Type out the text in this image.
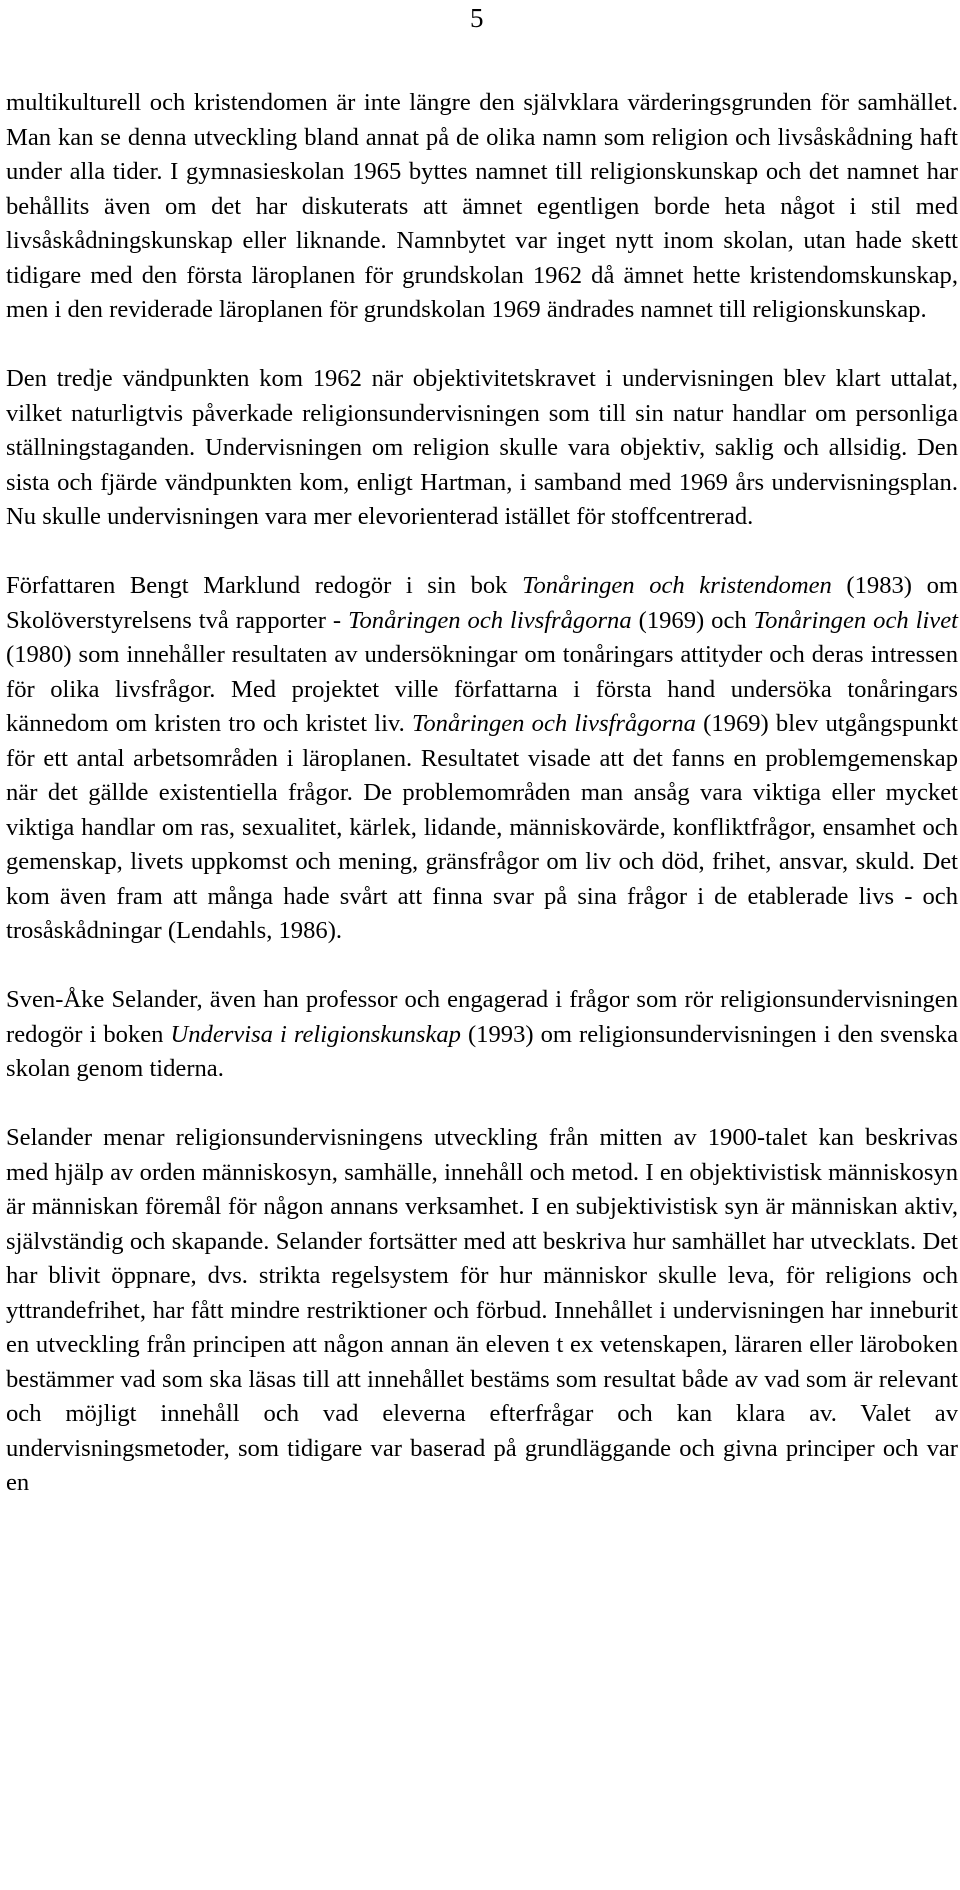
5

multikulturell och kristendomen är inte längre den självklara värderingsgrunden för samhället. Man kan se denna utveckling bland annat på de olika namn som religion och livsåskådning haft under alla tider. I gymnasieskolan 1965 byttes namnet till religionskunskap och det namnet har behållits även om det har diskuterats att ämnet egentligen borde heta något i stil med livsåskådningskunskap eller liknande. Namnbytet var inget nytt inom skolan, utan hade skett tidigare med den första läroplanen för grundskolan 1962 då ämnet hette kristendomskunskap, men i den reviderade läroplanen för grundskolan 1969 ändrades namnet till religionskunskap.

Den tredje vändpunkten kom 1962 när objektivitetskravet i undervisningen blev klart uttalat, vilket naturligtvis påverkade religionsundervisningen som till sin natur handlar om personliga ställningstaganden. Undervisningen om religion skulle vara objektiv, saklig och allsidig. Den sista och fjärde vändpunkten kom, enligt Hartman, i samband med 1969 års undervisningsplan. Nu skulle undervisningen vara mer elevorienterad istället för stoffcentrerad.

Författaren Bengt Marklund redogör i sin bok Tonåringen och kristendomen (1983) om Skolöverstyrelsens två rapporter - Tonåringen och livsfrågorna (1969) och Tonåringen och livet (1980) som innehåller resultaten av undersökningar om tonåringars attityder och deras intressen för olika livsfrågor. Med projektet ville författarna i första hand undersöka tonåringars kännedom om kristen tro och kristet liv. Tonåringen och livsfrågorna (1969) blev utgångspunkt för ett antal arbetsområden i läroplanen. Resultatet visade att det fanns en problemgemenskap när det gällde existentiella frågor. De problemområden man ansåg vara viktiga eller mycket viktiga handlar om ras, sexualitet, kärlek, lidande, människovärde, konfliktfrågor, ensamhet och gemenskap, livets uppkomst och mening, gränsfrågor om liv och död, frihet, ansvar, skuld. Det kom även fram att många hade svårt att finna svar på sina frågor i de etablerade livs - och trosåskådningar (Lendahls, 1986).

Sven-Åke Selander, även han professor och engagerad i frågor som rör religionsundervisningen redogör i boken Undervisa i religionskunskap (1993) om religionsundervisningen i den svenska skolan genom tiderna.

Selander menar religionsundervisningens utveckling från mitten av 1900-talet kan beskrivas med hjälp av orden människosyn, samhälle, innehåll och metod. I en objektivistisk människosyn är människan föremål för någon annans verksamhet. I en subjektivistisk syn är människan aktiv, självständig och skapande. Selander fortsätter med att beskriva hur samhället har utvecklats. Det har blivit öppnare, dvs. strikta regelsystem för hur människor skulle leva, för religions och yttrandefrihet, har fått mindre restriktioner och förbud. Innehållet i undervisningen har inneburit en utveckling från principen att någon annan än eleven t ex vetenskapen, läraren eller läroboken bestämmer vad som ska läsas till att innehållet bestäms som resultat både av vad som är relevant och möjligt innehåll och vad eleverna efterfrågar och kan klara av. Valet av undervisningsmetoder, som tidigare var baserad på grundläggande och givna principer och var en
